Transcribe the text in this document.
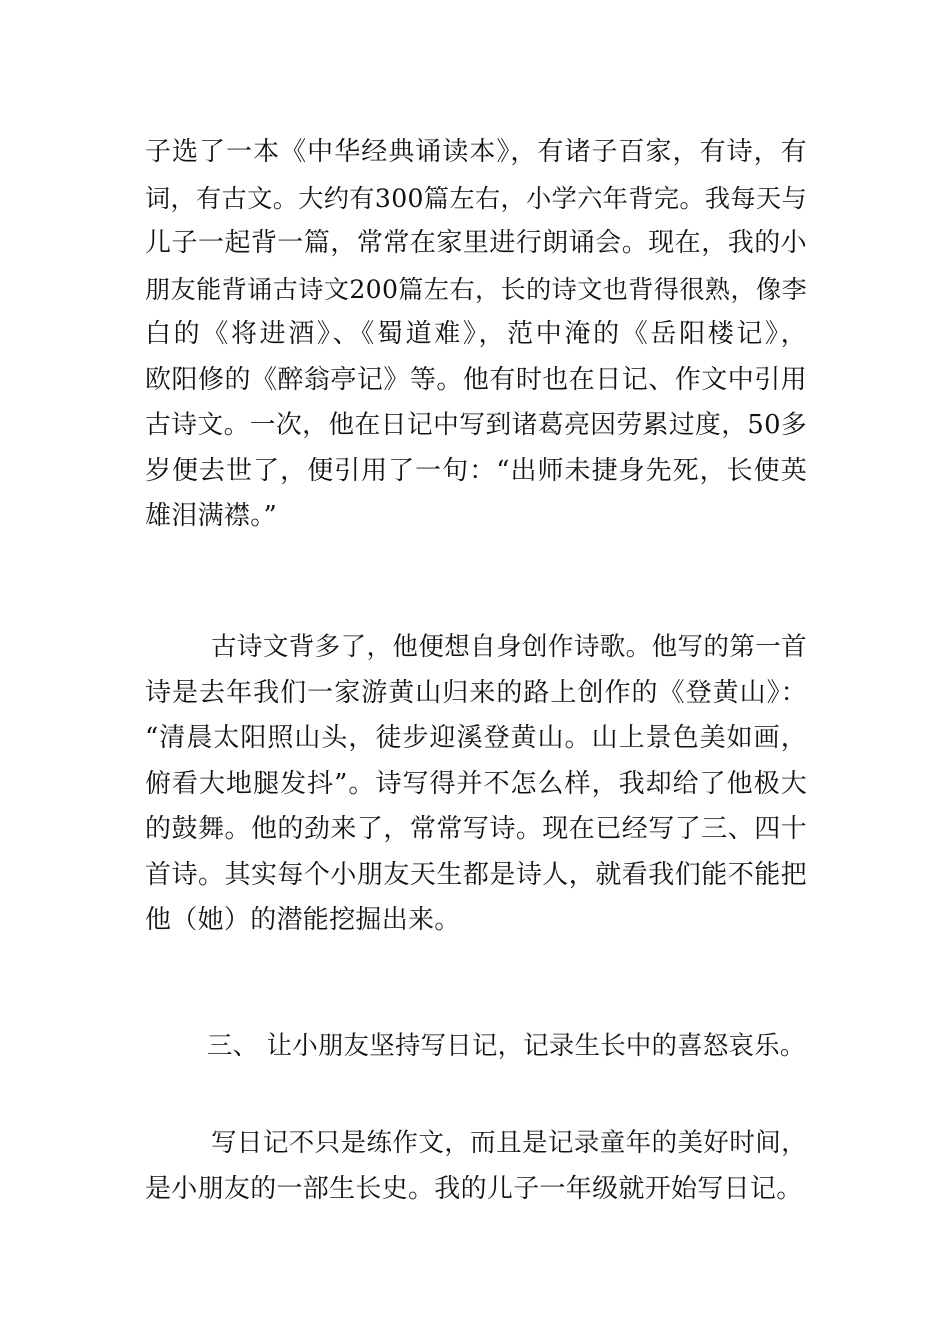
子选了一本《中华经典诵读本》，有诸子百家，有诗，有
词，有古文。大约有300篇左右，小学六年背完。我每天与
儿子一起背一篇，常常在家里进行朗诵会。现在，我的小
朋友能背诵古诗文200篇左右，长的诗文也背得很熟，像李
白的《将进酒》、《蜀道难》，范中淹的《岳阳楼记》，
欧阳修的《醉翁亭记》等。他有时也在日记、作文中引用
古诗文。一次，他在日记中写到诸葛亮因劳累过度，50多
岁便去世了，便引用了一句：“出师未捷身先死，长使英
雄泪满襟。”
古诗文背多了，他便想自身创作诗歌。他写的第一首
诗是去年我们一家游黄山归来的路上创作的《登黄山》：
“清晨太阳照山头，徒步迎溪登黄山。山上景色美如画，
俯看大地腿发抖”。诗写得并不怎么样，我却给了他极大
的鼓舞。他的劲来了，常常写诗。现在已经写了三、四十
首诗。其实每个小朋友天生都是诗人，就看我们能不能把
他（她）的潜能挖掘出来。
三、 让小朋友坚持写日记，记录生长中的喜怒哀乐。
写日记不只是练作文，而且是记录童年的美好时间，
是小朋友的一部生长史。我的儿子一年级就开始写日记。
